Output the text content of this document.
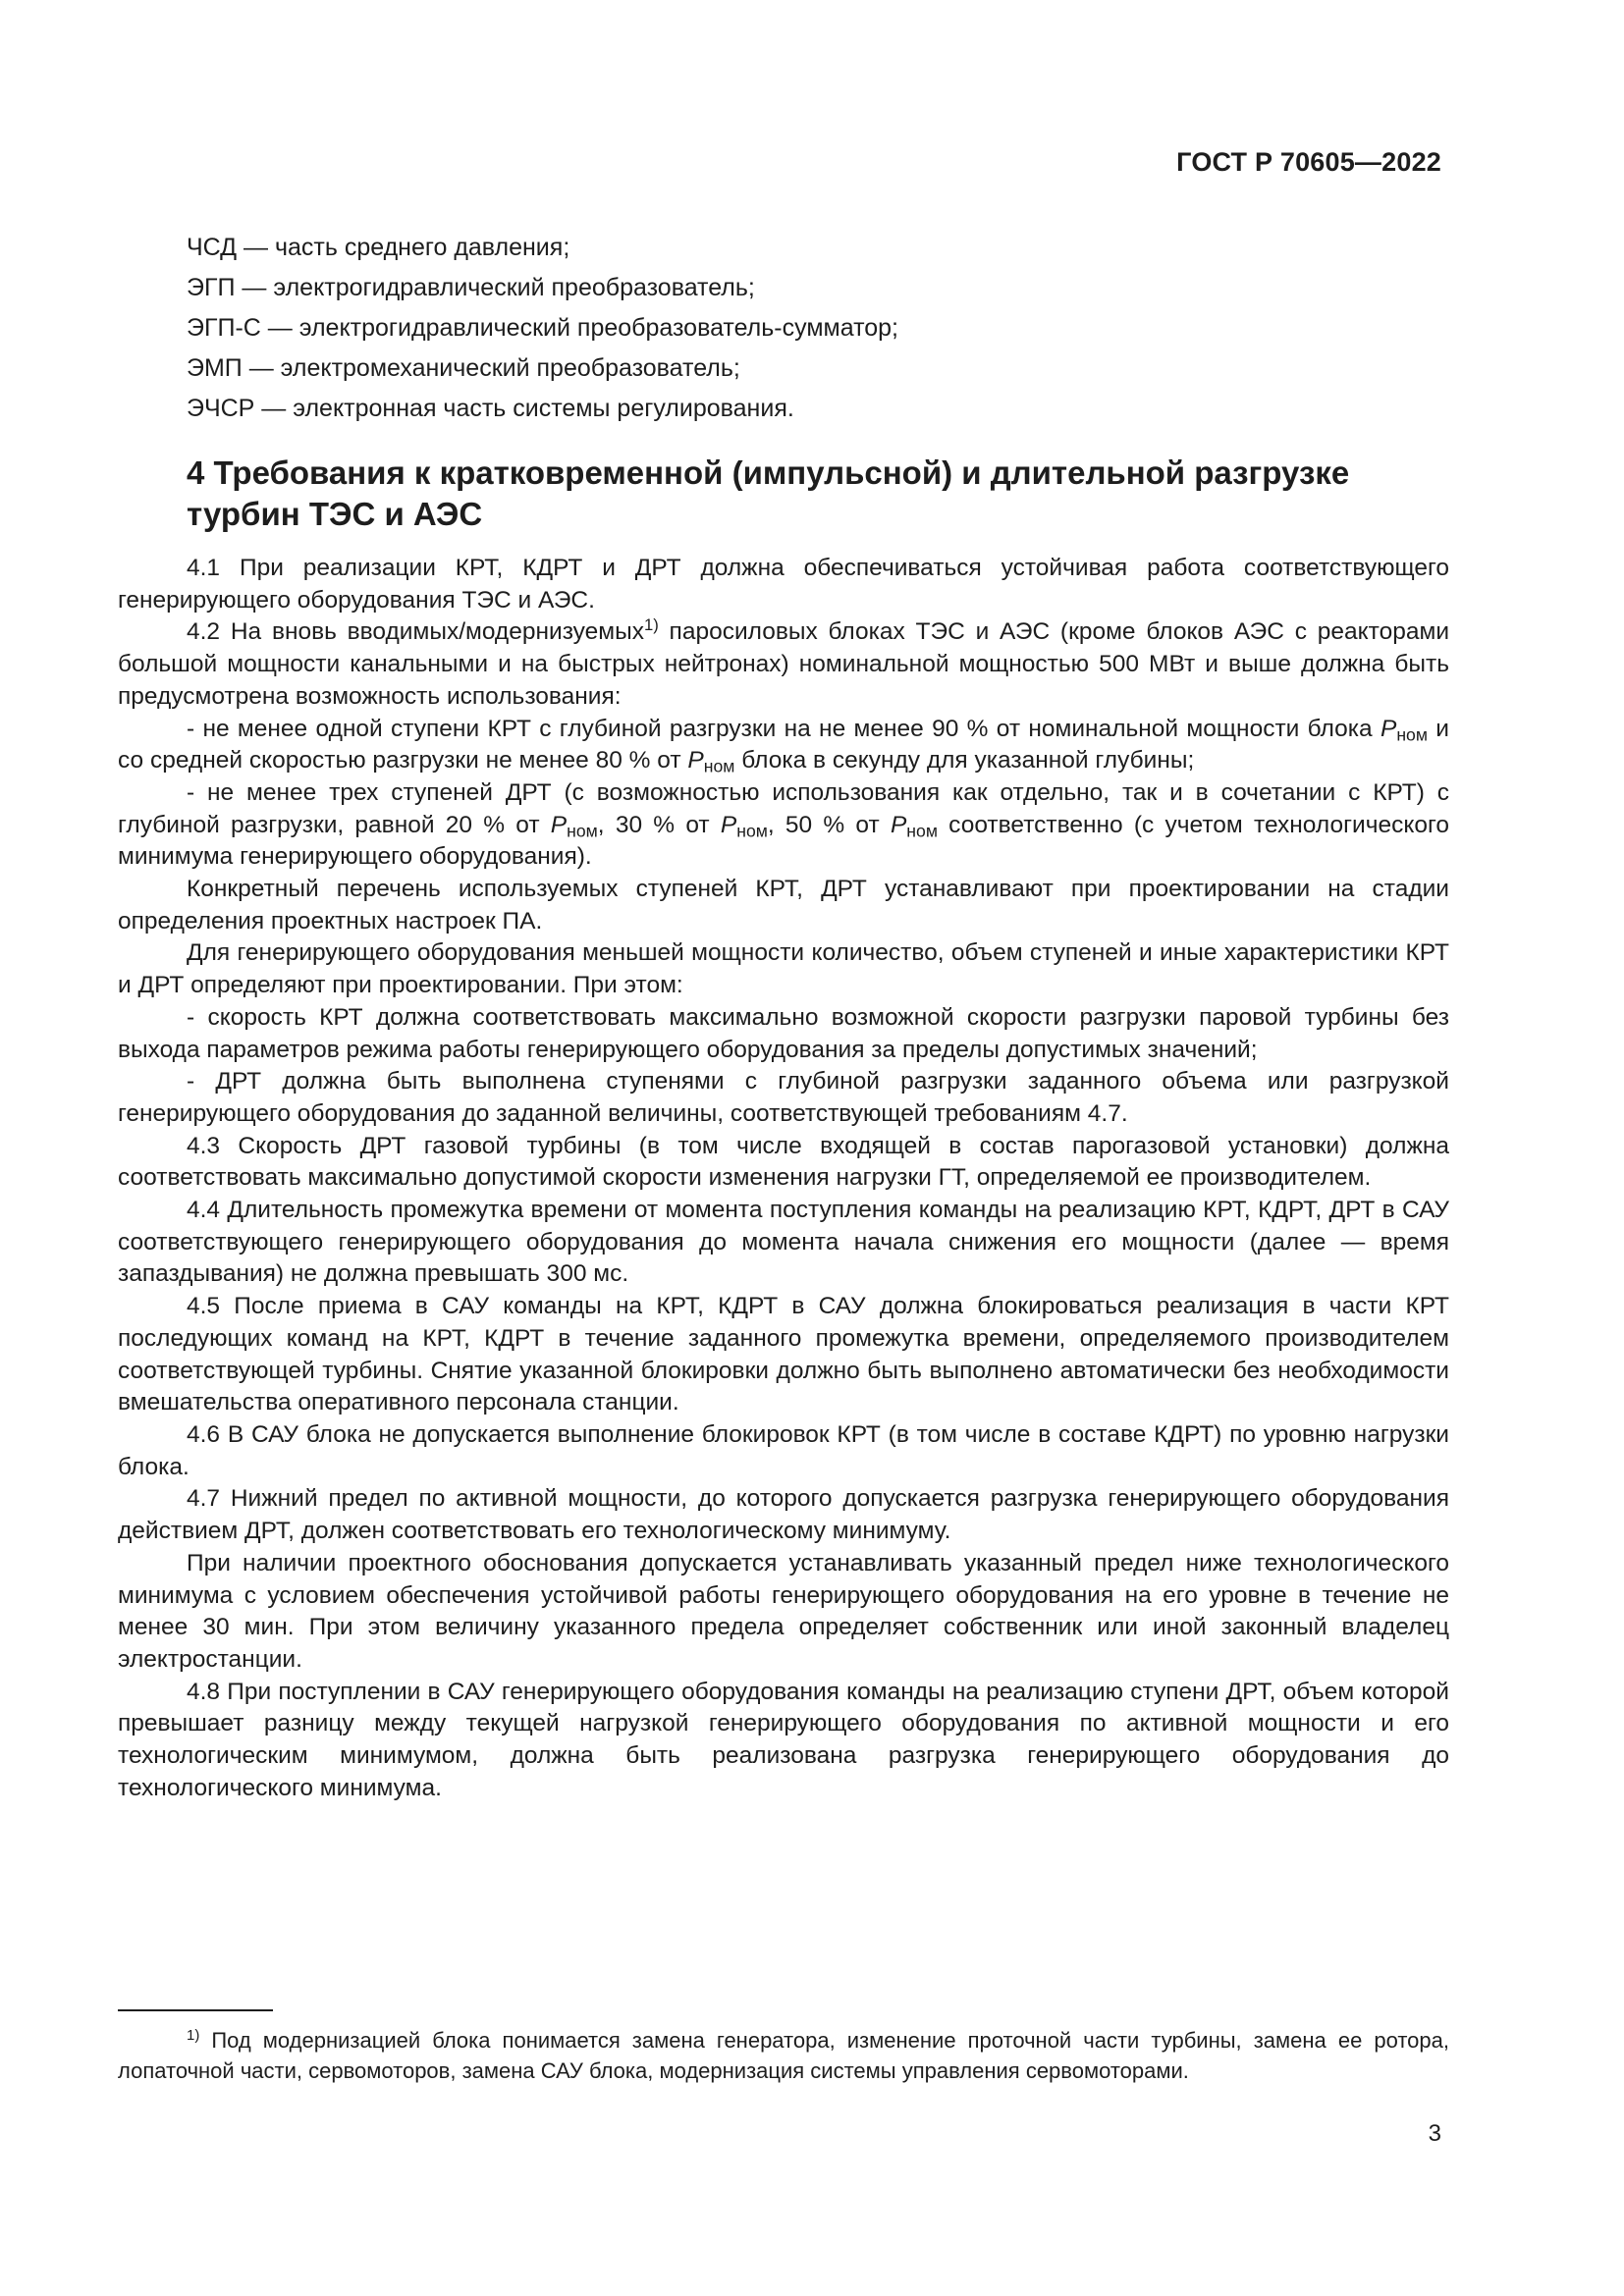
ГОСТ Р 70605—2022
ЧСД — часть среднего давления;
ЭГП — электрогидравлический преобразователь;
ЭГП-С — электрогидравлический преобразователь-сумматор;
ЭМП — электромеханический преобразователь;
ЭЧСР — электронная часть системы регулирования.
4 Требования к кратковременной (импульсной) и длительной разгрузке
турбин ТЭС и АЭС

4.1 При реализации КРТ, КДРТ и ДРТ должна обеспечиваться устойчивая работа соответствующего генерирующего оборудования ТЭС и АЭС.

4.2 На вновь вводимых/модернизуемых$^{1)}$ паросиловых блоках ТЭС и АЭС (кроме блоков АЭС с реакторами большой мощности канальными и на быстрых нейтронах) номинальной мощностью 500 МВт и выше должна быть предусмотрена возможность использования:

- не менее одной ступени КРТ с глубиной разгрузки на не менее 90 % от номинальной мощности блока $P_{ном}$ и со средней скоростью разгрузки не менее 80 % от $P_{ном}$ блока в секунду для указанной глубины;

- не менее трех ступеней ДРТ (с возможностью использования как отдельно, так и в сочетании с КРТ) с глубиной разгрузки, равной 20 % от $P_{ном}$, 30 % от $P_{ном}$, 50 % от $P_{ном}$ соответственно (с учетом технологического минимума генерирующего оборудования).

Конкретный перечень используемых ступеней КРТ, ДРТ устанавливают при проектировании на стадии определения проектных настроек ПА.

Для генерирующего оборудования меньшей мощности количество, объем ступеней и иные характеристики КРТ и ДРТ определяют при проектировании. При этом:

- скорость КРТ должна соответствовать максимально возможной скорости разгрузки паровой турбины без выхода параметров режима работы генерирующего оборудования за пределы допустимых значений;

- ДРТ должна быть выполнена ступенями с глубиной разгрузки заданного объема или разгрузкой генерирующего оборудования до заданной величины, соответствующей требованиям 4.7.

4.3 Скорость ДРТ газовой турбины (в том числе входящей в состав парогазовой установки) должна соответствовать максимально допустимой скорости изменения нагрузки ГТ, определяемой ее производителем.

4.4 Длительность промежутка времени от момента поступления команды на реализацию КРТ, КДРТ, ДРТ в САУ соответствующего генерирующего оборудования до момента начала снижения его мощности (далее — время запаздывания) не должна превышать 300 мс.

4.5 После приема в САУ команды на КРТ, КДРТ в САУ должна блокироваться реализация в части КРТ последующих команд на КРТ, КДРТ в течение заданного промежутка времени, определяемого производителем соответствующей турбины. Снятие указанной блокировки должно быть выполнено автоматически без необходимости вмешательства оперативного персонала станции.

4.6 В САУ блока не допускается выполнение блокировок КРТ (в том числе в составе КДРТ) по уровню нагрузки блока.

4.7 Нижний предел по активной мощности, до которого допускается разгрузка генерирующего оборудования действием ДРТ, должен соответствовать его технологическому минимуму.

При наличии проектного обоснования допускается устанавливать указанный предел ниже технологического минимума с условием обеспечения устойчивой работы генерирующего оборудования на его уровне в течение не менее 30 мин. При этом величину указанного предела определяет собственник или иной законный владелец электростанции.

4.8 При поступлении в САУ генерирующего оборудования команды на реализацию ступени ДРТ, объем которой превышает разницу между текущей нагрузкой генерирующего оборудования по активной мощности и его технологическим минимумом, должна быть реализована разгрузка генерирующего оборудования до технологического минимума.

$^{1)}$ Под модернизацией блока понимается замена генератора, изменение проточной части турбины, замена ее ротора, лопаточной части, сервомоторов, замена САУ блока, модернизация системы управления сервомоторами.
3
